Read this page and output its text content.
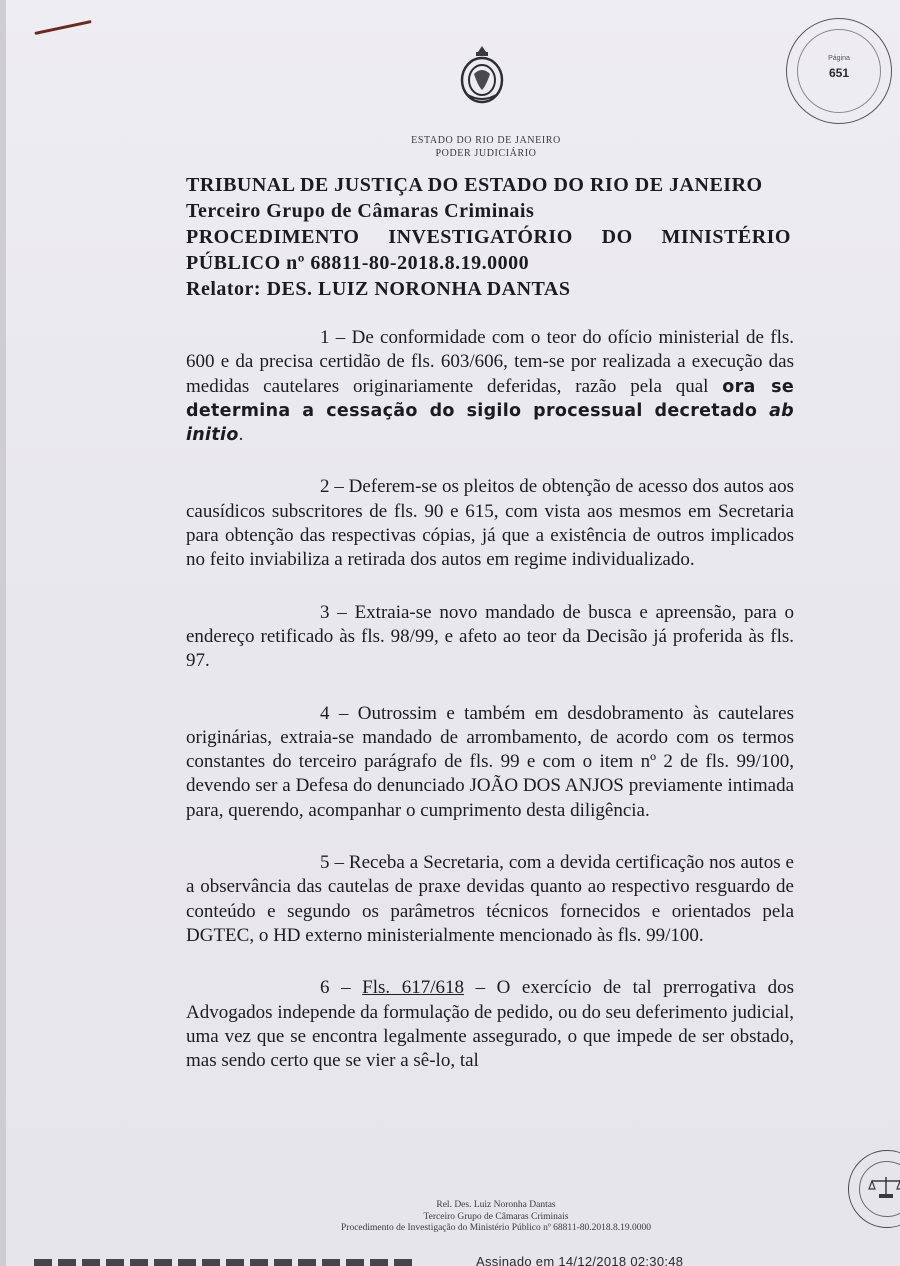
ESTADO DO RIO DE JANEIRO
PODER JUDICIÁRIO
Página
651
TRIBUNAL DE JUSTIÇA DO ESTADO DO RIO DE JANEIRO
Terceiro Grupo de Câmaras Criminais
PROCEDIMENTO INVESTIGATÓRIO DO MINISTÉRIO
PÚBLICO nº 68811-80-2018.8.19.0000
Relator: DES. LUIZ NORONHA DANTAS

1 – De conformidade com o teor do ofício ministerial de fls. 600 e da precisa certidão de fls. 603/606, tem-se por realizada a execução das medidas cautelares originariamente deferidas, razão pela qual ora se determina a cessação do sigilo processual decretado ab initio.

2 – Deferem-se os pleitos de obtenção de acesso dos autos aos causídicos subscritores de fls. 90 e 615, com vista aos mesmos em Secretaria para obtenção das respectivas cópias, já que a existência de outros implicados no feito inviabiliza a retirada dos autos em regime individualizado.

3 – Extraia-se novo mandado de busca e apreensão, para o endereço retificado às fls. 98/99, e afeto ao teor da Decisão já proferida às fls. 97.

4 – Outrossim e também em desdobramento às cautelares originárias, extraia-se mandado de arrombamento, de acordo com os termos constantes do terceiro parágrafo de fls. 99 e com o item nº 2 de fls. 99/100, devendo ser a Defesa do denunciado JOÃO DOS ANJOS previamente intimada para, querendo, acompanhar o cumprimento desta diligência.

5 – Receba a Secretaria, com a devida certificação nos autos e a observância das cautelas de praxe devidas quanto ao respectivo resguardo de conteúdo e segundo os parâmetros técnicos fornecidos e orientados pela DGTEC, o HD externo ministerialmente mencionado às fls. 99/100.

6 – Fls. 617/618 – O exercício de tal prerrogativa dos Advogados independe da formulação de pedido, ou do seu deferimento judicial, uma vez que se encontra legalmente assegurado, o que impede de ser obstado, mas sendo certo que se vier a sê-lo, tal

Rel. Des. Luiz Noronha Dantas
Terceiro Grupo de Câmaras Criminais
Procedimento de Investigação do Ministério Público nº 68811-80.2018.8.19.0000
Assinado em 14/12/2018 02:30:48
